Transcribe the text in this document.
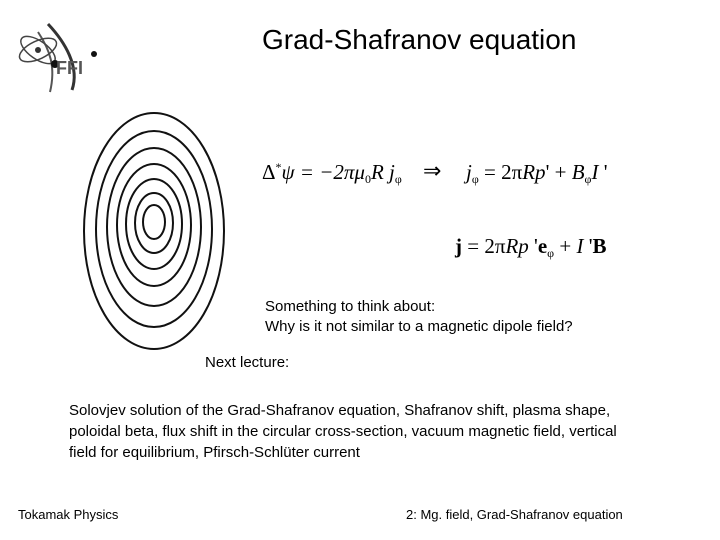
FFI
Grad-Shafranov equation
$\Delta^*\psi = -2\pi\mu_0R$ $j_\varphi$ ⇒ $j_\varphi = 2\pi Rp' + B_\varphi I$ '
j = 2πRp '$e_\varphi + I$ 'B
Something to think about:
Why is it not similar to a magnetic dipole field?
Next lecture:
Solovjev solution of the Grad-Shafranov equation, Shafranov shift, plasma shape, poloidal beta, flux shift in the circular cross-section, vacuum magnetic field, vertical field for equilibrium, Pfirsch-Schlüter current
Tokamak Physics	2: Mg. field, Grad-Shafranov equation
